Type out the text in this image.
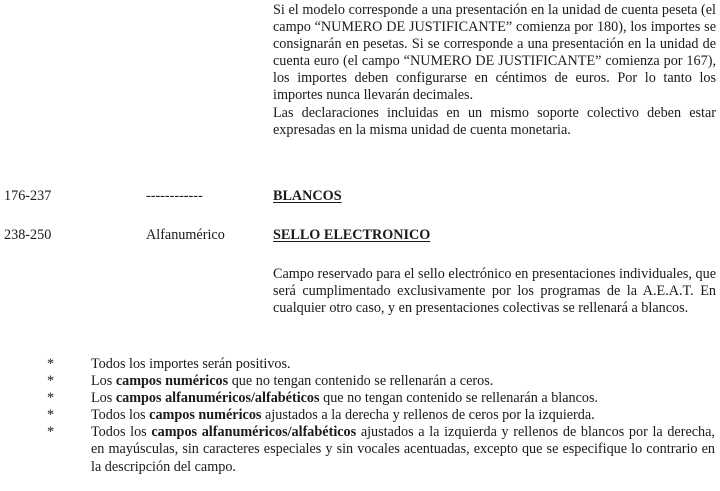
Si el modelo corresponde a una presentación en la unidad de cuenta peseta (el campo “NUMERO DE JUSTIFICANTE” comienza por 180), los importes se consignarán en pesetas. Si se corresponde a una presentación en la unidad de cuenta euro (el campo “NUMERO DE JUSTIFICANTE” comienza por 167), los importes deben configurarse en céntimos de euros. Por lo tanto los importes nunca llevarán decimales.
Las declaraciones incluidas en un mismo soporte colectivo deben estar expresadas en la misma unidad de cuenta monetaria.

176-237	------------	BLANCOS
238-250	Alfanumérico	SELLO ELECTRONICO

Campo reservado para el sello electrónico en presentaciones individuales, que será cumplimentado exclusivamente por los programas de la A.E.A.T. En cualquier otro caso, y en presentaciones colectivas se rellenará a blancos.

*	Todos los importes serán positivos.
*	Los campos numéricos que no tengan contenido se rellenarán a ceros.
*	Los campos alfanuméricos/alfabéticos que no tengan contenido se rellenarán a blancos.
*	Todos los campos numéricos ajustados a la derecha y rellenos de ceros por la izquierda.
*	Todos los campos alfanuméricos/alfabéticos ajustados a la izquierda y rellenos de blancos por la derecha, en mayúsculas, sin caracteres especiales y sin vocales acentuadas, excepto que se especifique lo contrario en la descripción del campo.
